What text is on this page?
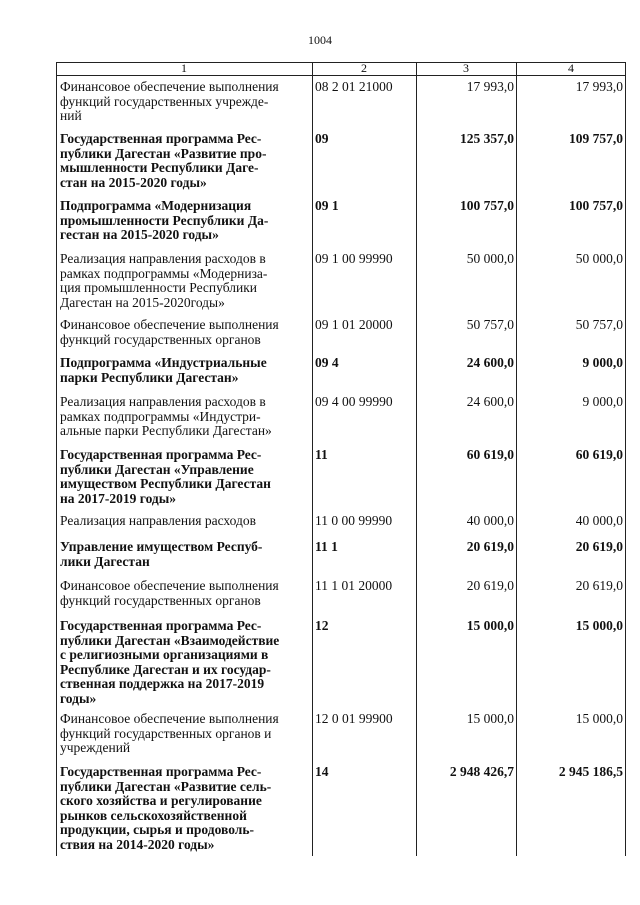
1004
1	2	3	4
Финансовое обеспечение выполнения
функций государственных учрежде-
ний
08 2 01 21000	17 993,0	17 993,0
Государственная программа Рес-
публики Дагестан «Развитие про-
мышленности Республики Даге-
стан на 2015-2020 годы»
09	125 357,0	109 757,0
Подпрограмма «Модернизация
промышленности Республики Да-
гестан на 2015-2020 годы»
09 1	100 757,0	100 757,0
Реализация направления расходов в
рамках подпрограммы «Модерниза-
ция промышленности Республики
Дагестан на 2015-2020годы»
09 1 00 99990	50 000,0	50 000,0
Финансовое обеспечение выполнения
функций государственных органов
09 1 01 20000	50 757,0	50 757,0
Подпрограмма «Индустриальные
парки Республики Дагестан»
09 4	24 600,0	9 000,0
Реализация направления расходов в
рамках подпрограммы «Индустри-
альные парки Республики Дагестан»
09 4 00 99990	24 600,0	9 000,0
Государственная программа Рес-
публики Дагестан «Управление
имуществом Республики Дагестан
на 2017-2019 годы»
11	60 619,0	60 619,0
Реализация направления расходов	11 0 00 99990	40 000,0	40 000,0
Управление имуществом Респуб-
лики Дагестан
11 1	20 619,0	20 619,0
Финансовое обеспечение выполнения
функций государственных органов
11 1 01 20000	20 619,0	20 619,0
Государственная программа Рес-
публики Дагестан «Взаимодействие
с религиозными организациями в
Республике Дагестан и их государ-
ственная поддержка на 2017-2019
годы»
12	15 000,0	15 000,0
Финансовое обеспечение выполнения
функций государственных органов и
учреждений
12 0 01 99900	15 000,0	15 000,0
Государственная программа Рес-
публики Дагестан «Развитие сель-
ского хозяйства и регулирование
рынков сельскохозяйственной
продукции, сырья и продоволь-
ствия на 2014-2020 годы»
14	2 948 426,7	2 945 186,5
